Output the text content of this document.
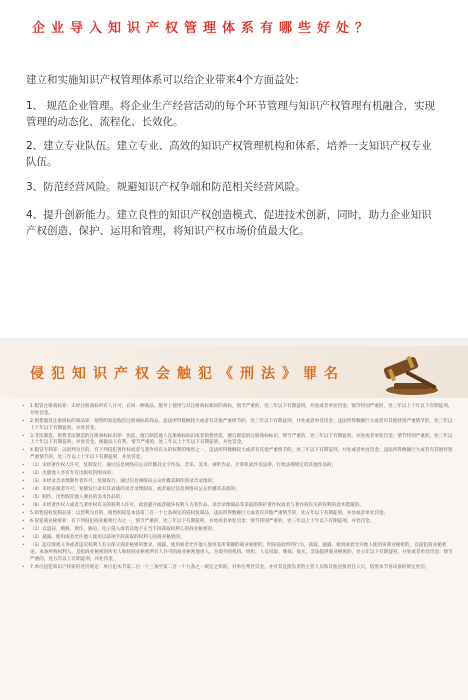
企业导入知识产权管理体系有哪些好处？
建立和实施知识产权管理体系可以给企业带来4个方面益处:
1、 规范企业管理。将企业生产经营活动的每个环节管理与知识产权管理有机融合，实现管理的动态化、流程化、长效化。
2、建立专业队伍。建立专业、高效的知识产权管理机构和体系，培养一支知识产权专业队伍。
3、防范经营风险。规避知识产权争端和防范相关经营风险。
4、提升创新能力。建立良性的知识产权创造模式、促进技术创新，同时，助力企业知识产权创造、保护、运用和管理，将知识产权市场价值最大化。
侵犯知识产权会触犯《刑法》罪名
• 1.假冒注册商标罪：未经注册商标所有人许可，在同一种商品、服务上使用与其注册商标相同的商标，情节严重的，处三年以下有期徒刑，并处或者单处罚金；情节特别严重的，处三年以上十年以下有期徒刑，并处罚金。
• 2.销售假冒注册商标的商品罪：销售明知是假冒注册商标的商品，违法所得数额较大或者有其他严重情节的，处三年以下有期徒刑，并处或者单处罚金；违法所得数额巨大或者有其他特别严重情节的，处三年以上十年以下有期徒刑，并处罚金。
• 3.非法制造、销售非法制造的注册商标标识罪：伪造、擅自制造他人注册商标标识或者销售伪造、擅自制造的注册商标标识，情节严重的，处三年以下有期徒刑，并处或者单处罚金；情节特别严重的，处三年以上十年以下有期徒刑，并处罚金。根据法人有利，情节严重的，处三年以上十年以下有期徒刑，并处罚金。
• 4.假冒专利罪：以原判为目的，有下列侵犯著作权或者与著作权有关的权利的情形之一，违法所得数额较大或者有其他严重情节的，处三年以下有期徒刑，并处或者单处罚金；违法所得数额巨大或者有其他特别严重情节的，处三年以上十年以下有期徒刑，并处罚金。
• （1）未经著作权人许可，复制发行、通过信息网络向公众传播其文字作品、音乐、美术、视听作品、计算机软件及法律、行政法规规定的其他作品的；
• （2）出版他人享有专有出版权的图书的；
• （3）未经录音录像制作者许可，复制发行、通过信息网络向公众传播其制作的录音录像的；
• （4）未经表演者许可，复制发行录有其表演的录音录像制品，或者通过信息网络向公众传播其表演的；
• （5）制作、出售假冒他人署名的美术作品的；
• （6）未经著作权人或者与著作权有关的权利人许可，故意避开或者破坏权利人为其作品、录音录像制品等采取的保护著作权或者与著作权有关的权利的技术措施的。
• 5.销售侵权复制品罪：以营利为目的，销售明知是本法第二百一十七条规定的侵权复制品，违法所得数额巨大或者有其他严重情节的，处五年以下有期徒刑，并处或者单处罚金。
• 6.侵犯商业秘密罪：有下列侵犯商业秘密行为之一，情节严重的，处三年以下有期徒刑，并处或者单处罚金；情节特别严重的，处三年以上十年以下有期徒刑，并处罚金。
• （1）以盗窃、贿赂、欺诈、胁迫、电子侵入或者其他不正当手段获取权利人的商业秘密的；
• （2）披露、使用或者允许他人使用以前项手段获取的权利人的商业秘密的；
• （3）违反保密义务或者违反权利人有关保守商业秘密的要求，披露、使用或者允许他人使用其所掌握的商业秘密的。明知前款所列行为，获取、披露、使用或者允许他人使用该商业秘密的，以侵犯商业秘密论。本条所称权利人，是指商业秘密的所有人和经商业秘密所有人许可的商业秘密使用人。为境外的机构、组织、人员窃取、刺探、收买、非法提供商业秘密的，处五年以下有期徒刑，并处或者单处罚金；情节严重的，处五年以上有期徒刑，并处罚金。
• 7.单位侵犯知识产权罪的处罚规定：单位犯本节第二百一十三条至第二百一十九条之一规定之罪的，对单位判处罚金，并对其直接负责的主管人员和其他直接责任人员，依照本节各该条的规定处罚。
